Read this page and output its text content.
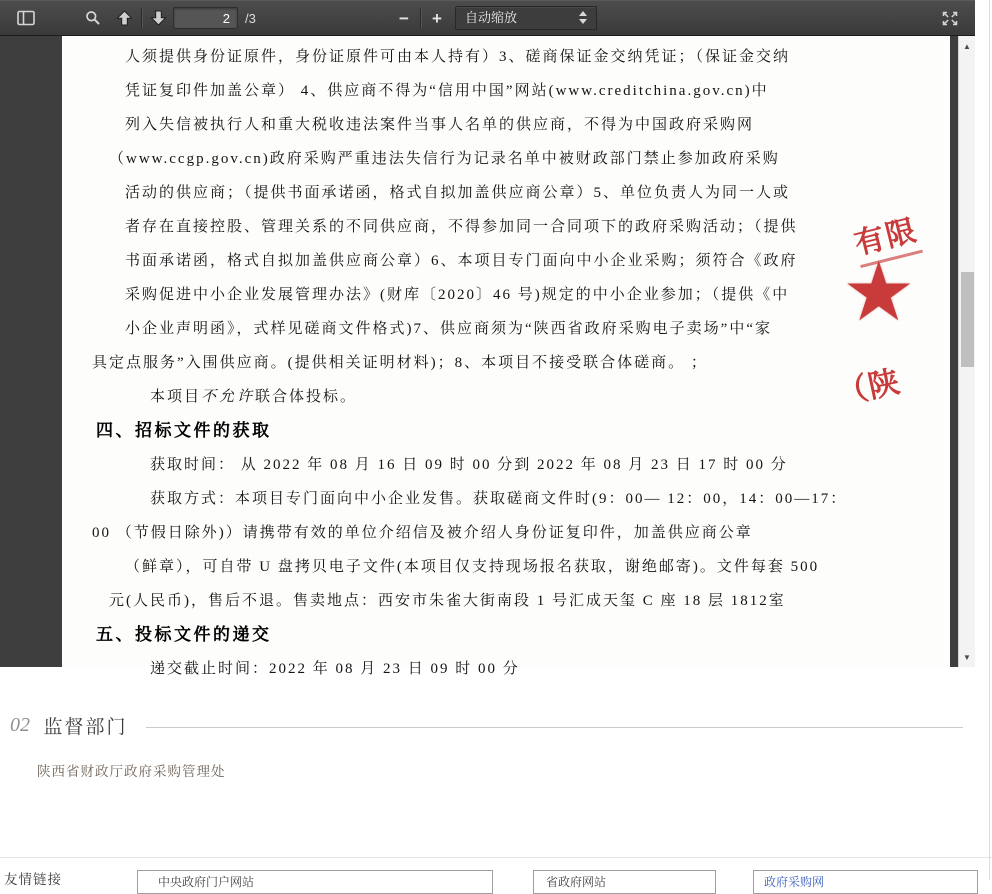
2
/3	− +	自动缩放
人须提供身份证原件，身份证原件可由本人持有）3、磋商保证金交纳凭证；（保证金交纳
凭证复印件加盖公章） 4、供应商不得为“信用中国”网站(www.creditchina.gov.cn)中
列入失信被执行人和重大税收违法案件当事人名单的供应商，不得为中国政府采购网
（www.ccgp.gov.cn)政府采购严重违法失信行为记录名单中被财政部门禁止参加政府采购
活动的供应商；（提供书面承诺函，格式自拟加盖供应商公章）5、单位负责人为同一人或
者存在直接控股、管理关系的不同供应商，不得参加同一合同项下的政府采购活动；（提供
书面承诺函，格式自拟加盖供应商公章）6、本项目专门面向中小企业采购；须符合《政府
采购促进中小企业发展管理办法》(财库〔2020〕46 号)规定的中小企业参加；（提供《中
小企业声明函》，式样见磋商文件格式)7、供应商须为“陕西省政府采购电子卖场”中“家
具定点服务”入围供应商。(提供相关证明材料)；8、本项目不接受联合体磋商。 ；
本项目不允许联合体投标。
四、招标文件的获取
获取时间： 从 2022 年 08 月 16 日 09 时 00 分到 2022 年 08 月 23 日 17 时 00 分
获取方式：本项目专门面向中小企业发售。获取磋商文件时(9：00— 12：00，14：00—17：
00 （节假日除外)）请携带有效的单位介绍信及被介绍人身份证复印件，加盖供应商公章
（鲜章），可自带 U 盘拷贝电子文件(本项目仅支持现场报名获取，谢绝邮寄)。文件每套 500
元(人民币)，售后不退。售卖地点：西安市朱雀大街南段 1 号汇成天玺 C 座 18 层 1812室
五、投标文件的递交
递交截止时间：2022 年 08 月 23 日 09 时 00 分
有限
★
（陕
▲
▼
02 监督部门
陕西省财政厅政府采购管理处
友情链接	中央政府门户网站	省政府网站	政府采购网
